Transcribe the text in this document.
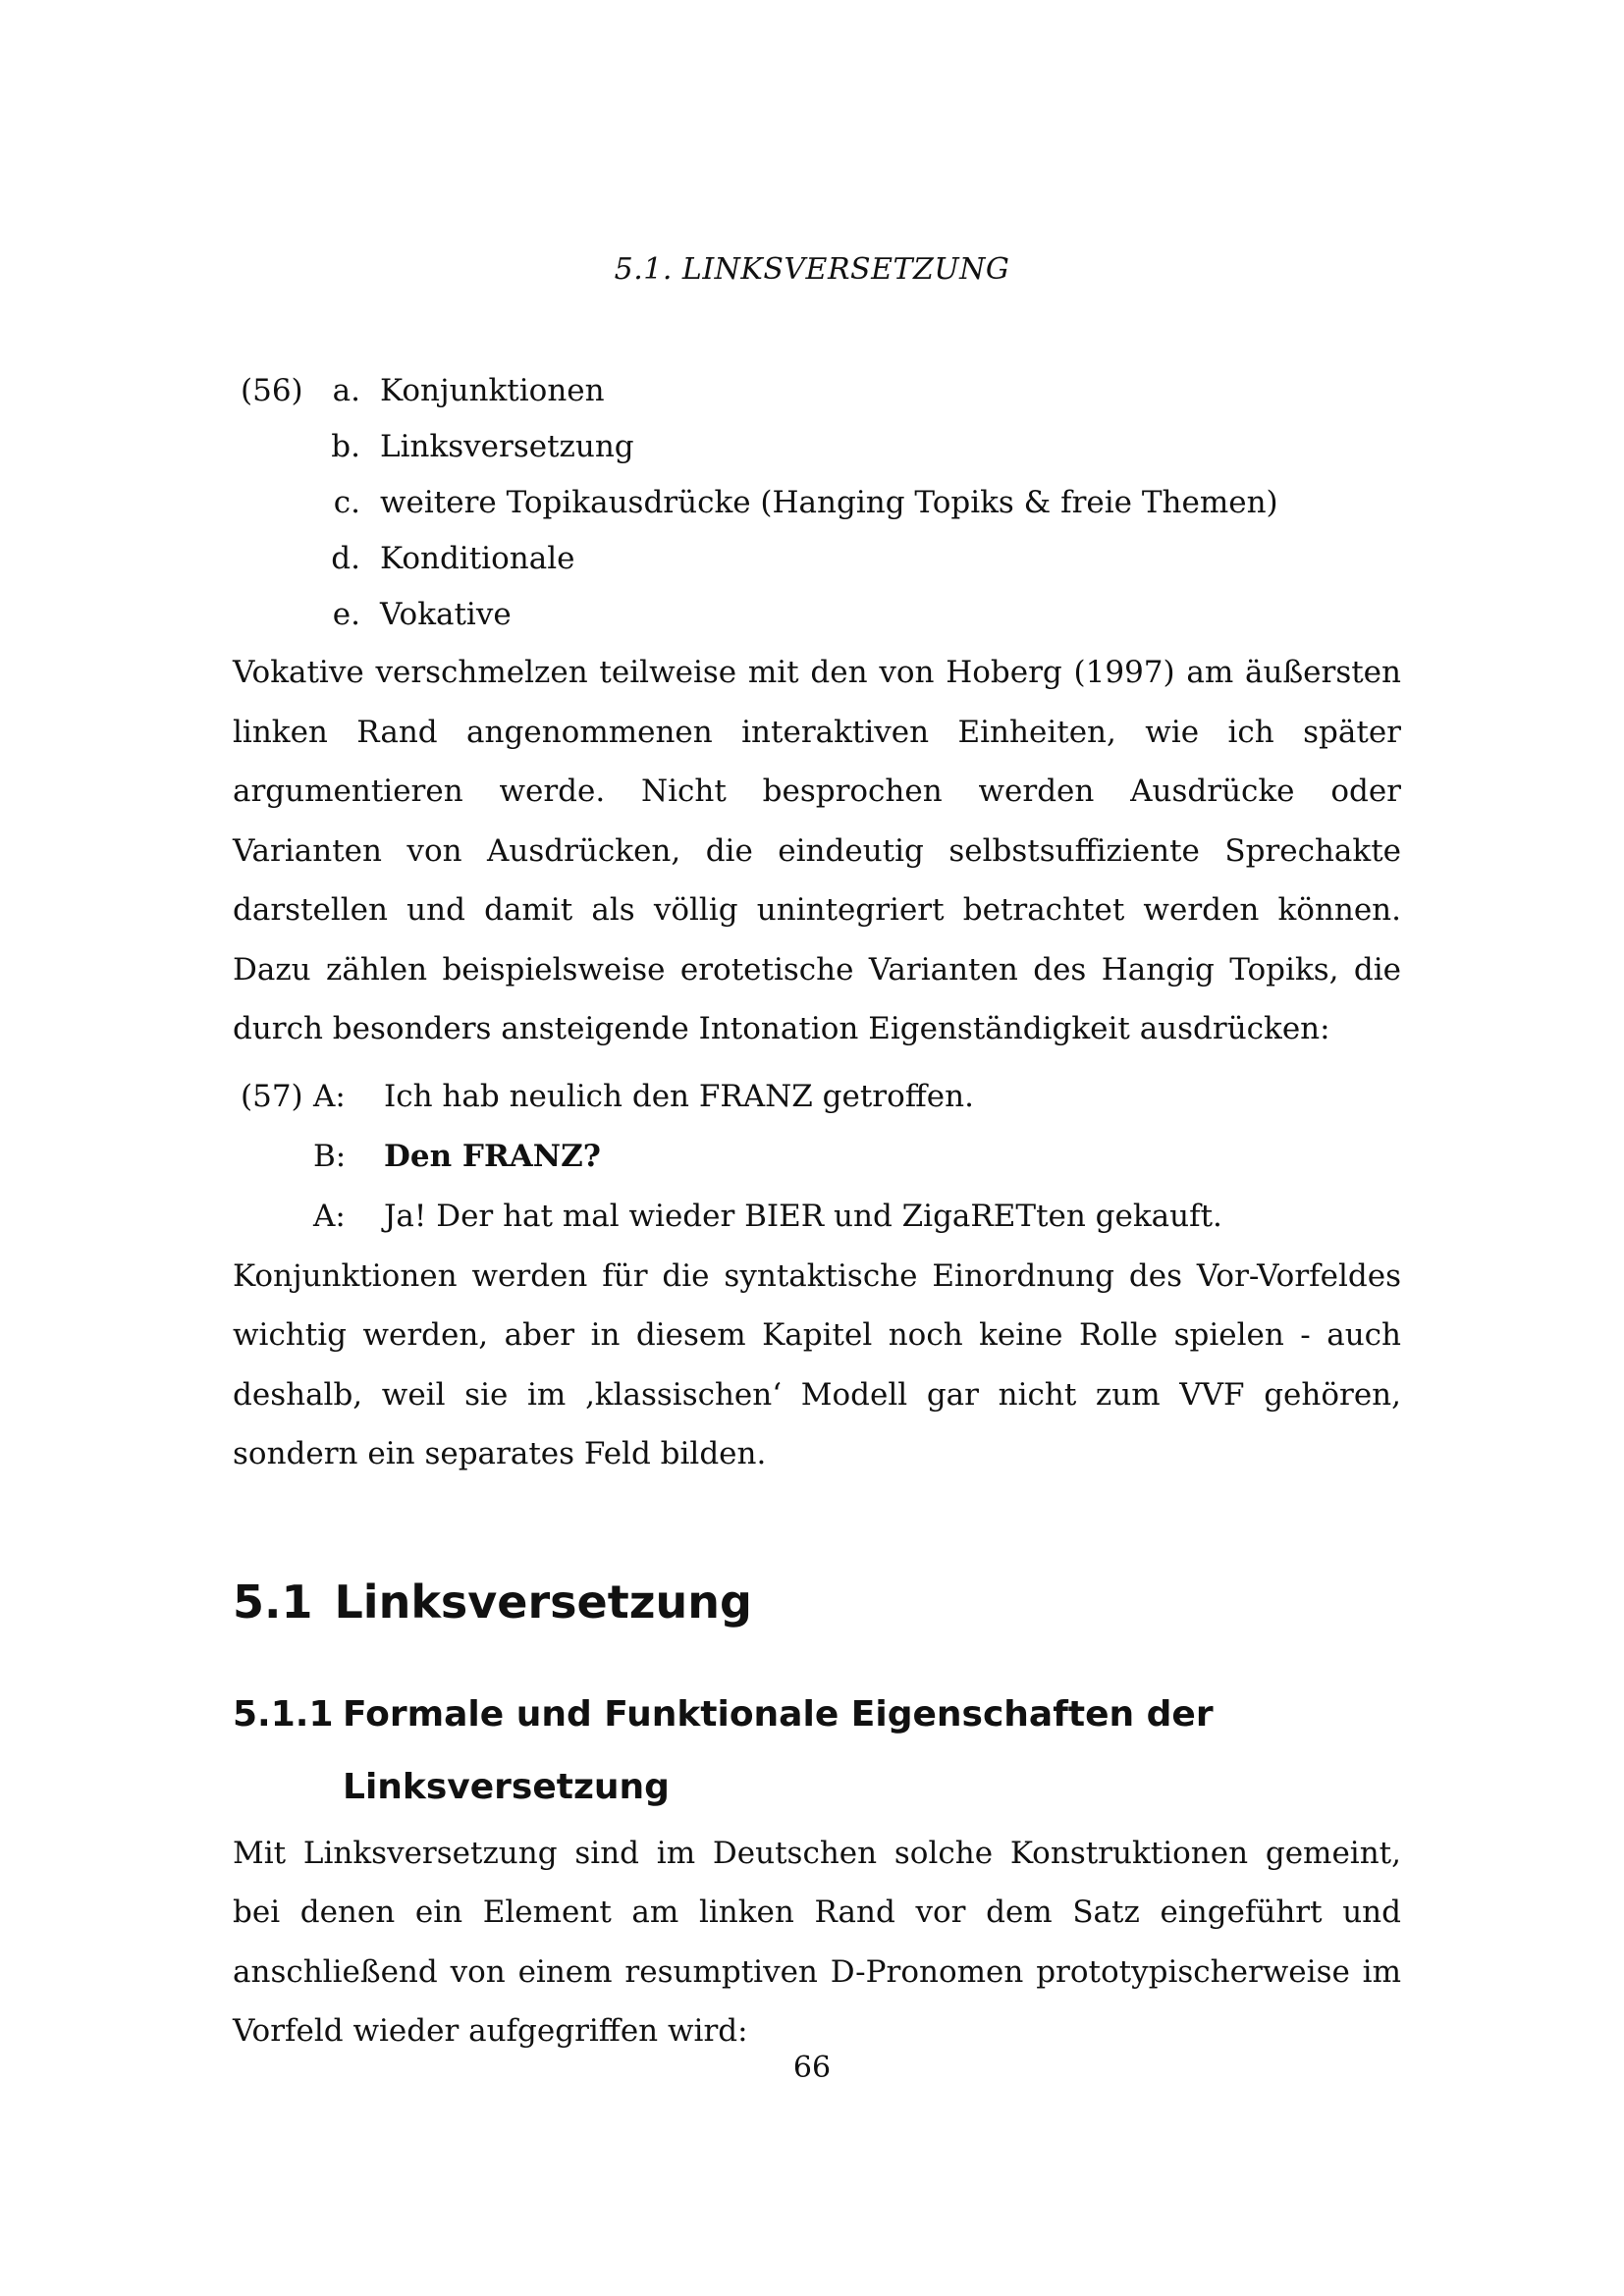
5.1. LINKSVERSETZUNG
(56) a. Konjunktionen
b. Linksversetzung
c. weitere Topikausdrücke (Hanging Topiks & freie Themen)
d. Konditionale
e. Vokative

Vokative verschmelzen teilweise mit den von Hoberg (1997) am äußersten linken Rand angenommenen interaktiven Einheiten, wie ich später argumentieren werde. Nicht besprochen werden Ausdrücke oder Varianten von Ausdrücken, die eindeutig selbstsuffiziente Sprechakte darstellen und damit als völlig unintegriert betrachtet werden können. Dazu zählen beispielsweise erotetische Varianten des Hangig Topiks, die durch besonders ansteigende Intonation Eigenständigkeit ausdrücken:

(57) A:	Ich hab neulich den FRANZ getroffen.
B:	Den FRANZ?
A:	Ja! Der hat mal wieder BIER und ZigaRETten gekauft.

Konjunktionen werden für die syntaktische Einordnung des Vor-Vorfeldes wichtig werden, aber in diesem Kapitel noch keine Rolle spielen - auch deshalb, weil sie im ‚klassischen‘ Modell gar nicht zum VVF gehören, sondern ein separates Feld bilden.

5.1 Linksversetzung
5.1.1 Formale und Funktionale Eigenschaften der
Linksversetzung

Mit Linksversetzung sind im Deutschen solche Konstruktionen gemeint, bei denen ein Element am linken Rand vor dem Satz eingeführt und anschließend von einem resumptiven D-Pronomen prototypischerweise im Vorfeld wieder aufgegriffen wird:

66
